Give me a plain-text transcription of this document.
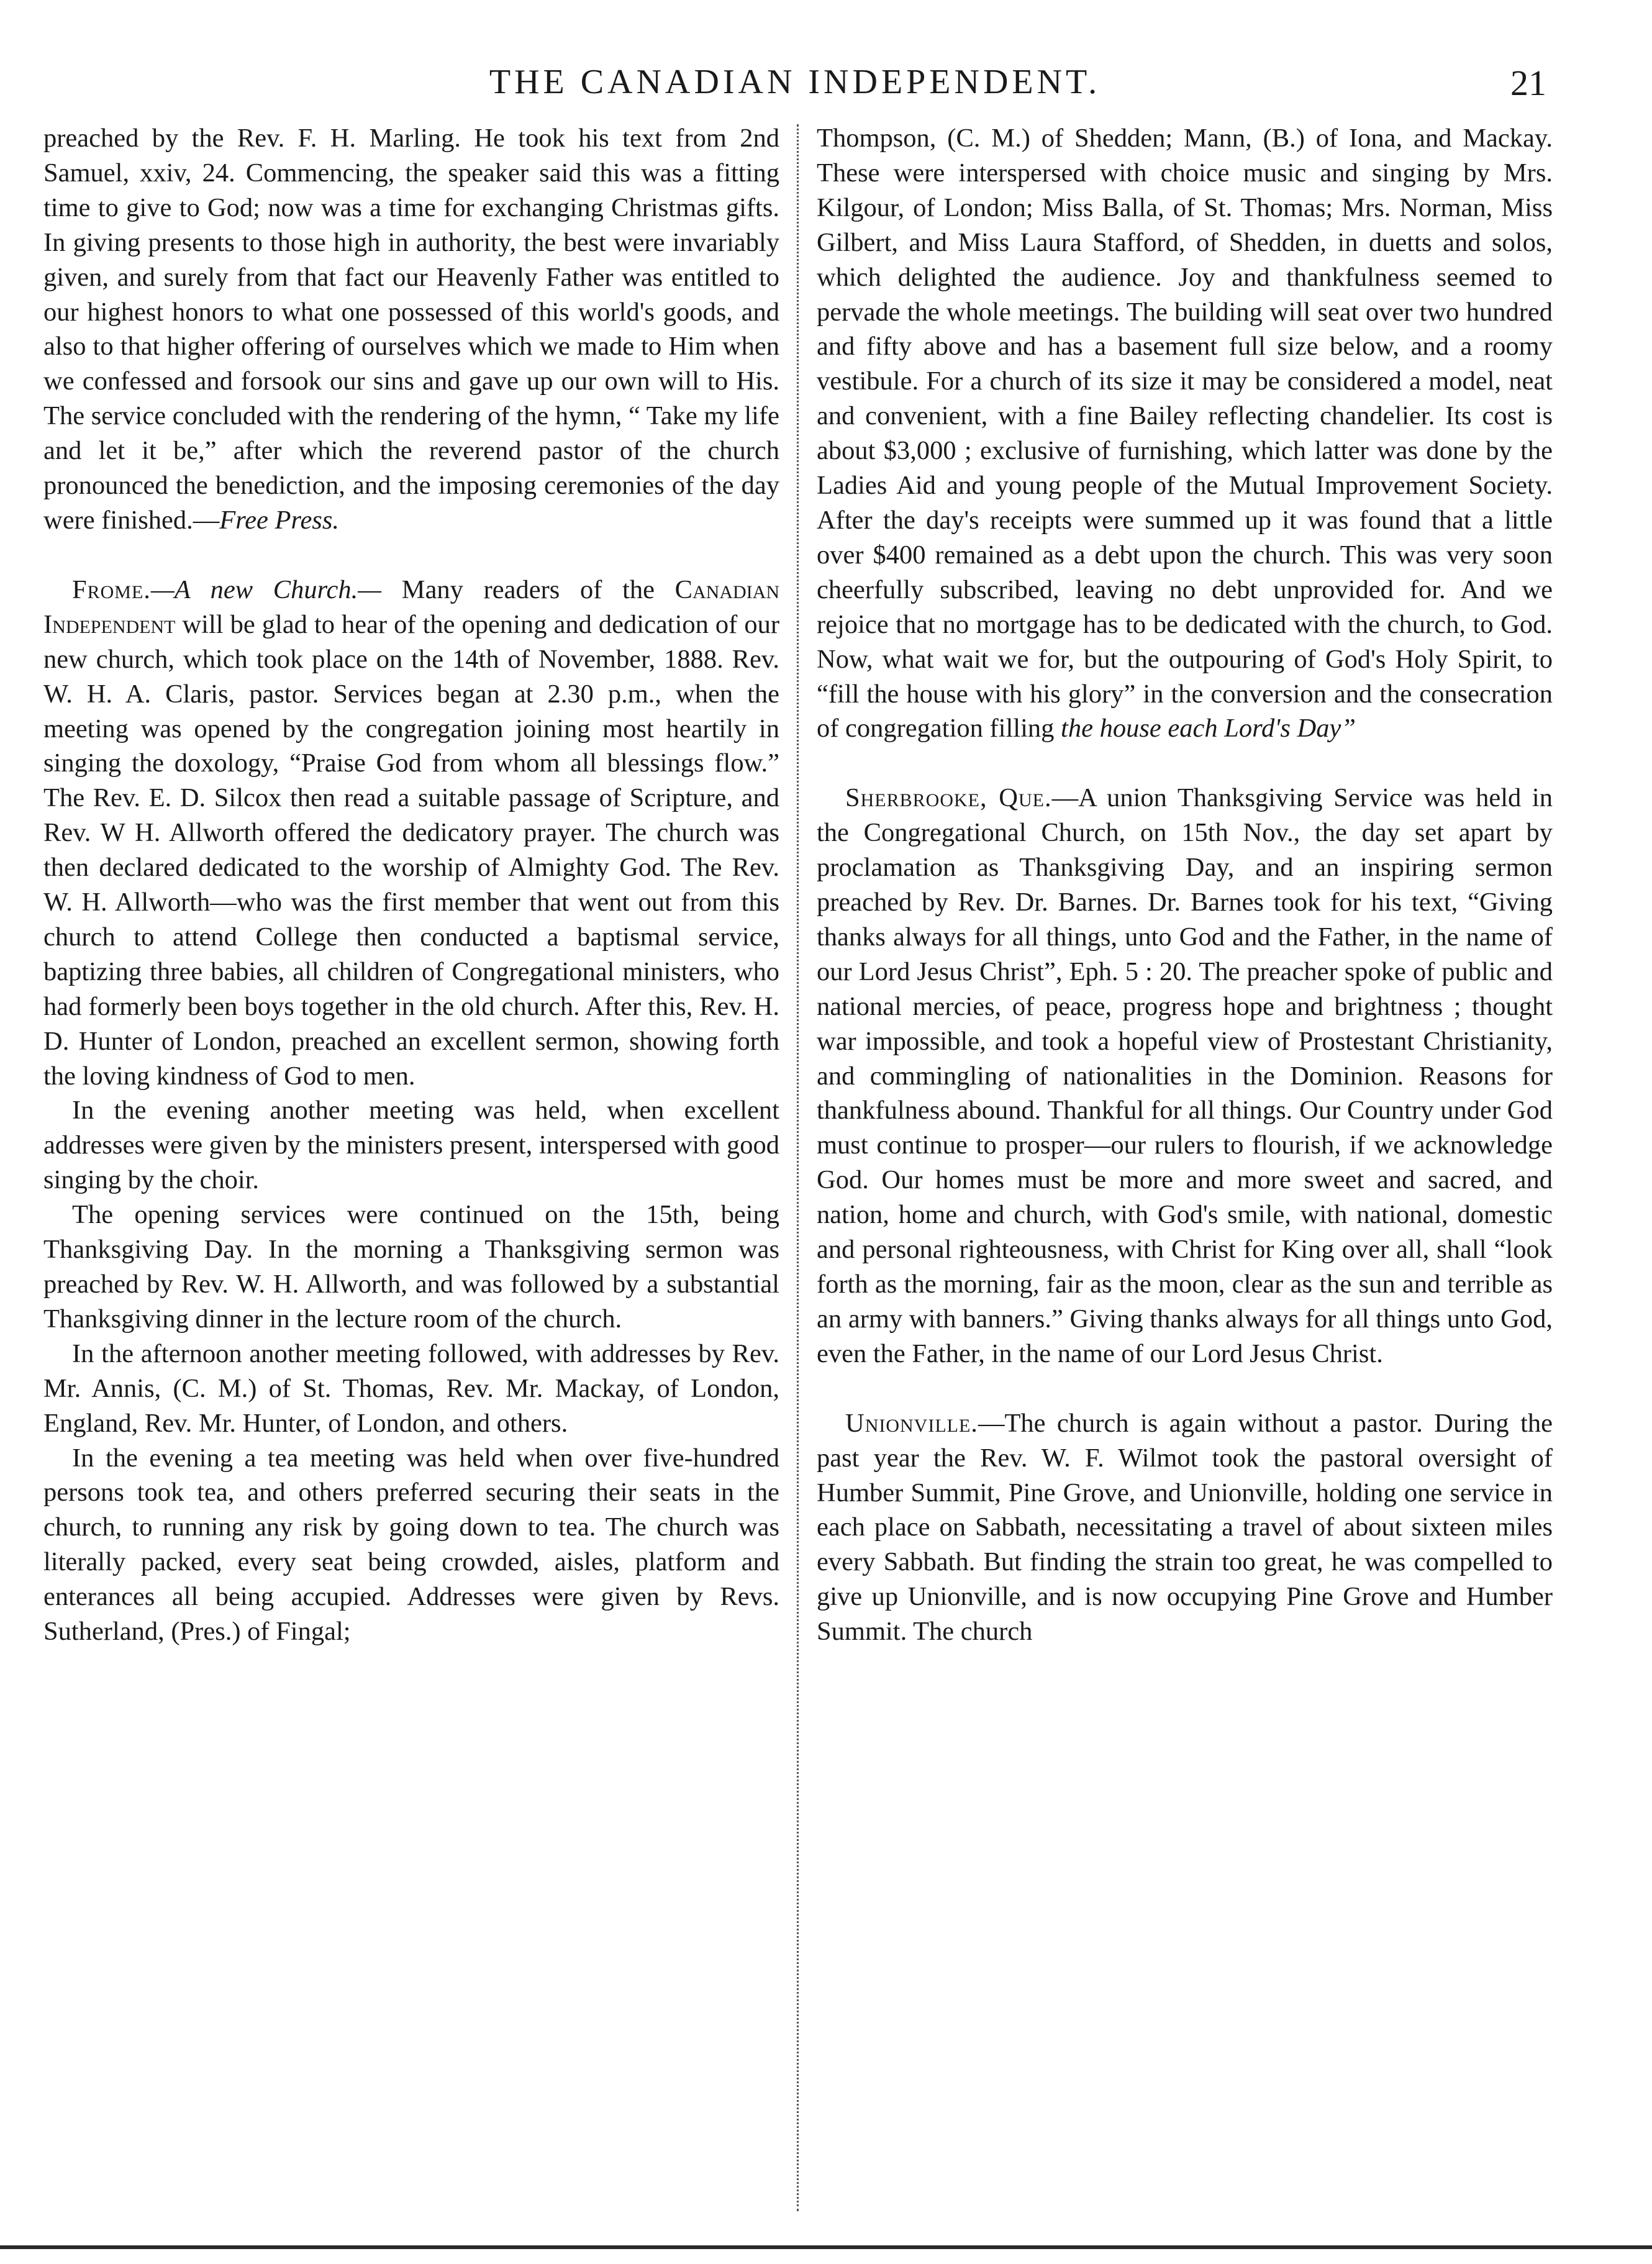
THE CANADIAN INDEPENDENT.	21

preached by the Rev. F. H. Marling. He took his text from 2nd Samuel, xxiv, 24. Commencing, the speaker said this was a fitting time to give to God; now was a time for exchanging Christmas gifts. In giving presents to those high in authority, the best were invariably given, and surely from that fact our Heavenly Father was entitled to our highest honors to what one possessed of this world's goods, and also to that higher offering of ourselves which we made to Him when we confessed and forsook our sins and gave up our own will to His. The service concluded with the rendering of the hymn, “ Take my life and let it be,” after which the reverend pastor of the church pronounced the benediction, and the imposing ceremonies of the day were finished.—Free Press.

Frome.—A new Church.— Many readers of the Canadian Independent will be glad to hear of the opening and dedication of our new church, which took place on the 14th of November, 1888. Rev. W. H. A. Claris, pastor. Services began at 2.30 p.m., when the meeting was opened by the congregation joining most heartily in singing the doxology, “Praise God from whom all blessings flow.” The Rev. E. D. Silcox then read a suitable passage of Scripture, and Rev. W H. Allworth offered the dedicatory prayer. The church was then declared dedicated to the worship of Almighty God. The Rev. W. H. Allworth—who was the first member that went out from this church to attend College then conducted a baptismal service, baptizing three babies, all children of Congregational ministers, who had formerly been boys together in the old church. After this, Rev. H. D. Hunter of London, preached an excellent sermon, showing forth the loving kindness of God to men.

In the evening another meeting was held, when excellent addresses were given by the ministers present, interspersed with good singing by the choir.

The opening services were continued on the 15th, being Thanksgiving Day. In the morning a Thanksgiving sermon was preached by Rev. W. H. Allworth, and was followed by a substantial Thanksgiving dinner in the lecture room of the church.

In the afternoon another meeting followed, with addresses by Rev. Mr. Annis, (C. M.) of St. Thomas, Rev. Mr. Mackay, of London, England, Rev. Mr. Hunter, of London, and others.

In the evening a tea meeting was held when over five-hundred persons took tea, and others preferred securing their seats in the church, to running any risk by going down to tea. The church was literally packed, every seat being crowded, aisles, platform and enterances all being accupied. Addresses were given by Revs. Sutherland, (Pres.) of Fingal;

Thompson, (C. M.) of Shedden; Mann, (B.) of Iona, and Mackay. These were interspersed with choice music and singing by Mrs. Kilgour, of London; Miss Balla, of St. Thomas; Mrs. Norman, Miss Gilbert, and Miss Laura Stafford, of Shedden, in duetts and solos, which delighted the audience. Joy and thankfulness seemed to pervade the whole meetings. The building will seat over two hundred and fifty above and has a basement full size below, and a roomy vestibule. For a church of its size it may be considered a model, neat and convenient, with a fine Bailey reflecting chandelier. Its cost is about $3,000 ; exclusive of furnishing, which latter was done by the Ladies Aid and young people of the Mutual Improvement Society. After the day's receipts were summed up it was found that a little over $400 remained as a debt upon the church. This was very soon cheerfully subscribed, leaving no debt unprovided for. And we rejoice that no mortgage has to be dedicated with the church, to God. Now, what wait we for, but the outpouring of God's Holy Spirit, to “fill the house with his glory” in the conversion and the consecration of congregation filling the house each Lord's Day”

Sherbrooke, Que.—A union Thanksgiving Service was held in the Congregational Church, on 15th Nov., the day set apart by proclamation as Thanksgiving Day, and an inspiring sermon preached by Rev. Dr. Barnes. Dr. Barnes took for his text, “Giving thanks always for all things, unto God and the Father, in the name of our Lord Jesus Christ”, Eph. 5 : 20. The preacher spoke of public and national mercies, of peace, progress hope and brightness ; thought war impossible, and took a hopeful view of Prostestant Christianity, and commingling of nationalities in the Dominion. Reasons for thankfulness abound. Thankful for all things. Our Country under God must continue to prosper—our rulers to flourish, if we acknowledge God. Our homes must be more and more sweet and sacred, and nation, home and church, with God's smile, with national, domestic and personal righteousness, with Christ for King over all, shall “look forth as the morning, fair as the moon, clear as the sun and terrible as an army with banners.” Giving thanks always for all things unto God, even the Father, in the name of our Lord Jesus Christ.

Unionville.—The church is again without a pastor. During the past year the Rev. W. F. Wilmot took the pastoral oversight of Humber Summit, Pine Grove, and Unionville, holding one service in each place on Sabbath, necessitating a travel of about sixteen miles every Sabbath. But finding the strain too great, he was compelled to give up Unionville, and is now occupying Pine Grove and Humber Summit. The church
